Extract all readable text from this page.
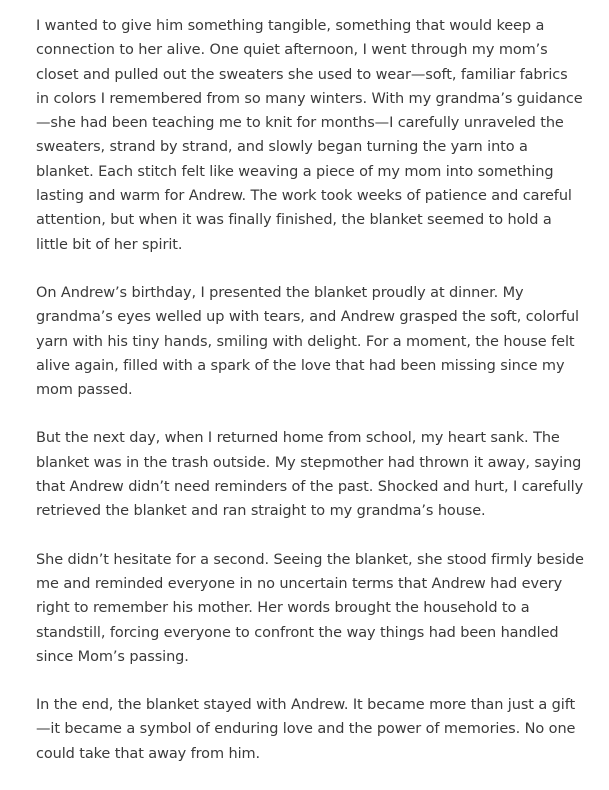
I wanted to give him something tangible, something that would keep a connection to her alive. One quiet afternoon, I went through my mom’s closet and pulled out the sweaters she used to wear—soft, familiar fabrics in colors I remembered from so many winters. With my grandma’s guidance—she had been teaching me to knit for months—I carefully unraveled the sweaters, strand by strand, and slowly began turning the yarn into a blanket. Each stitch felt like weaving a piece of my mom into something lasting and warm for Andrew. The work took weeks of patience and careful attention, but when it was finally finished, the blanket seemed to hold a little bit of her spirit.

On Andrew’s birthday, I presented the blanket proudly at dinner. My grandma’s eyes welled up with tears, and Andrew grasped the soft, colorful yarn with his tiny hands, smiling with delight. For a moment, the house felt alive again, filled with a spark of the love that had been missing since my mom passed.

But the next day, when I returned home from school, my heart sank. The blanket was in the trash outside. My stepmother had thrown it away, saying that Andrew didn’t need reminders of the past. Shocked and hurt, I carefully retrieved the blanket and ran straight to my grandma’s house.

She didn’t hesitate for a second. Seeing the blanket, she stood firmly beside me and reminded everyone in no uncertain terms that Andrew had every right to remember his mother. Her words brought the household to a standstill, forcing everyone to confront the way things had been handled since Mom’s passing.

In the end, the blanket stayed with Andrew. It became more than just a gift—it became a symbol of enduring love and the power of memories. No one could take that away from him.
